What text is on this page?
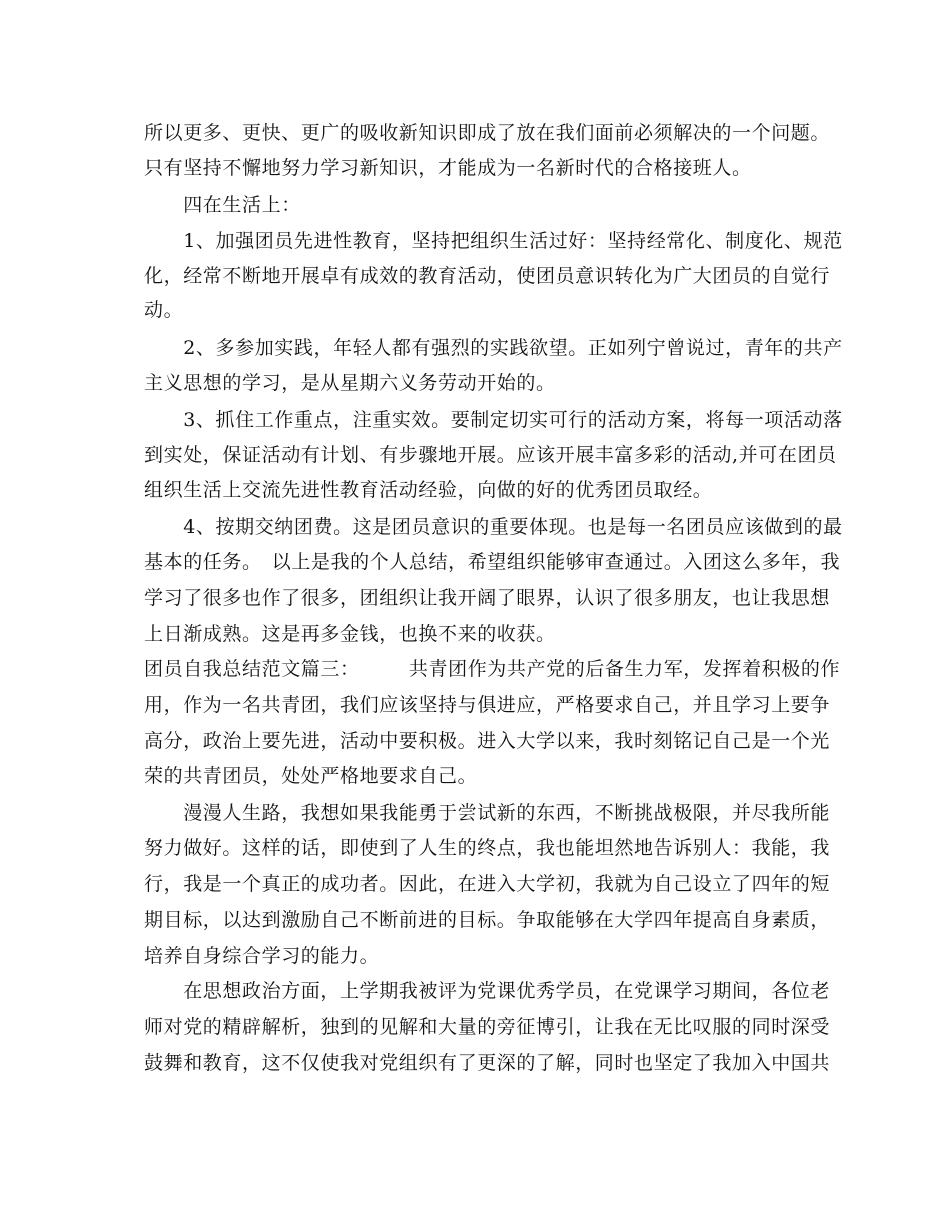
所以更多、更快、更广的吸收新知识即成了放在我们面前必须解决的一个问题。
只有坚持不懈地努力学习新知识，才能成为一名新时代的合格接班人。
　　四在生活上：
　　1、加强团员先进性教育，坚持把组织生活过好：坚持经常化、制度化、规范
化，经常不断地开展卓有成效的教育活动，使团员意识转化为广大团员的自觉行
动。
　　2、多参加实践，年轻人都有强烈的实践欲望。正如列宁曾说过，青年的共产
主义思想的学习，是从星期六义务劳动开始的。
　　3、抓住工作重点，注重实效。要制定切实可行的活动方案，将每一项活动落
到实处，保证活动有计划、有步骤地开展。应该开展丰富多彩的活动,并可在团员
组织生活上交流先进性教育活动经验，向做的好的优秀团员取经。
　　4、按期交纳团费。这是团员意识的重要体现。也是每一名团员应该做到的最
基本的任务。　以上是我的个人总结，希望组织能够审查通过。入团这么多年，我
学习了很多也作了很多，团组织让我开阔了眼界，认识了很多朋友，也让我思想
上日渐成熟。这是再多金钱，也换不来的收获。
团员自我总结范文篇三：　　　共青团作为共产党的后备生力军，发挥着积极的作
用，作为一名共青团，我们应该坚持与俱进应，严格要求自己，并且学习上要争
高分，政治上要先进，活动中要积极。进入大学以来，我时刻铭记自己是一个光
荣的共青团员，处处严格地要求自己。
　　漫漫人生路，我想如果我能勇于尝试新的东西，不断挑战极限，并尽我所能
努力做好。这样的话，即使到了人生的终点，我也能坦然地告诉别人：我能，我
行，我是一个真正的成功者。因此，在进入大学初，我就为自己设立了四年的短
期目标，以达到激励自己不断前进的目标。争取能够在大学四年提高自身素质，
培养自身综合学习的能力。
　　在思想政治方面，上学期我被评为党课优秀学员，在党课学习期间，各位老
师对党的精辟解析，独到的见解和大量的旁征博引，让我在无比叹服的同时深受
鼓舞和教育，这不仅使我对党组织有了更深的了解，同时也坚定了我加入中国共
